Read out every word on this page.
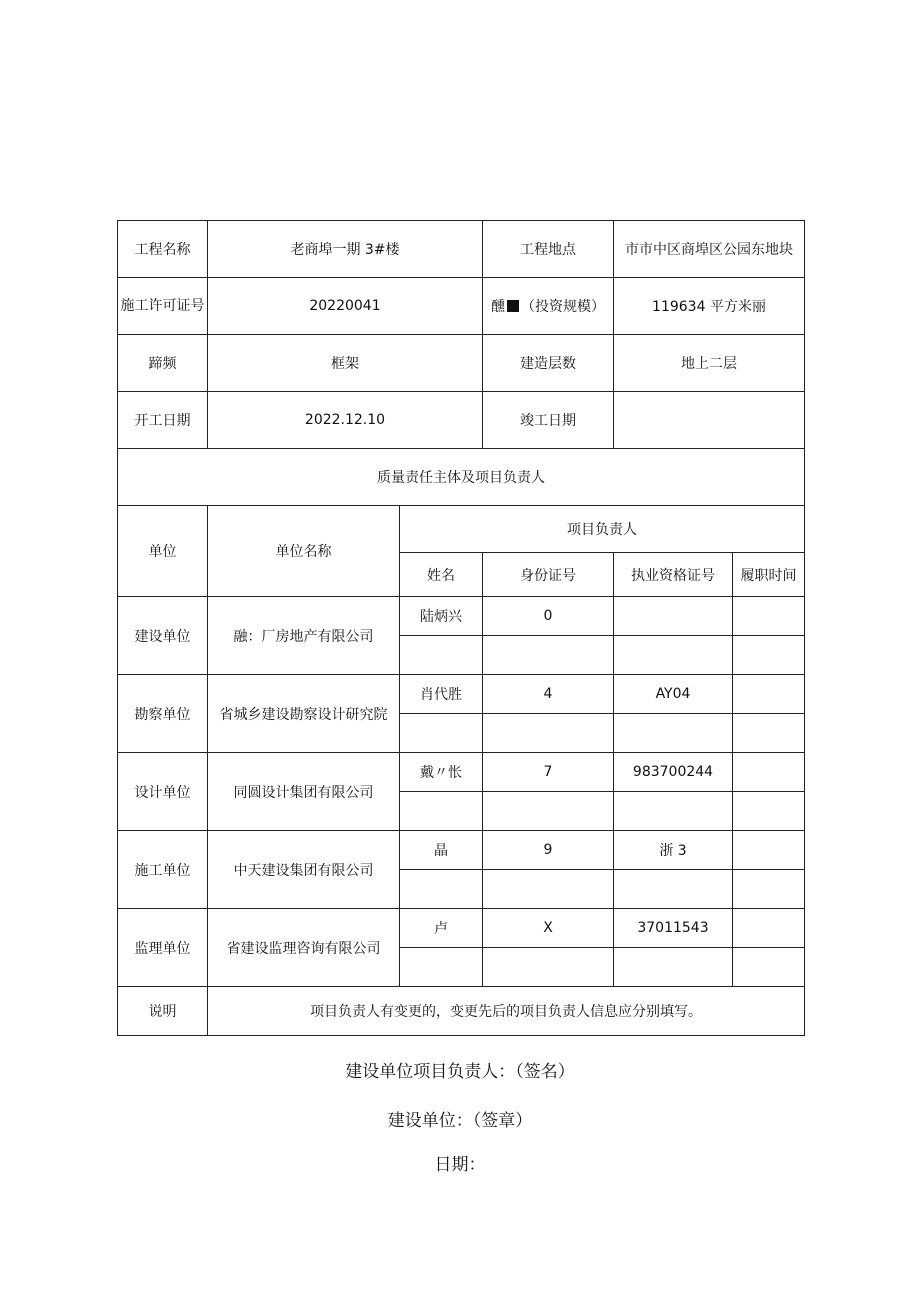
工程名称	老商埠一期 3#楼		工程地点	市市中区商埠区公园东地块	
施工许可证号	20220041		醺 （投资规模）	119634 平方米丽	
蹄频	框架		建造层数	地上二层	
开工日期	2022.12.10		竣工日期		
质量责任主体及项目负责人					
单位	单位名称	项目负责人			
		姓名	身份证号	执业资格证号	履职时间
建设单位	融：厂房地产有限公司	陆炳兴	0		

勘察单位	省城乡建设勘察设计研究院	肖代胜	4	AY04	

设计单位	同圆设计集团有限公司	戴〃怅	7	983700244	

施工单位	中天建设集团有限公司	晶	9	浙 3	

监理单位	省建设监理咨询有限公司	卢	X	37011543	

说明	项目负责人有变更的，变更先后的项目负责人信息应分别填写。				
建设单位项目负责人：（签名）
建设单位：（签章）
日期：
